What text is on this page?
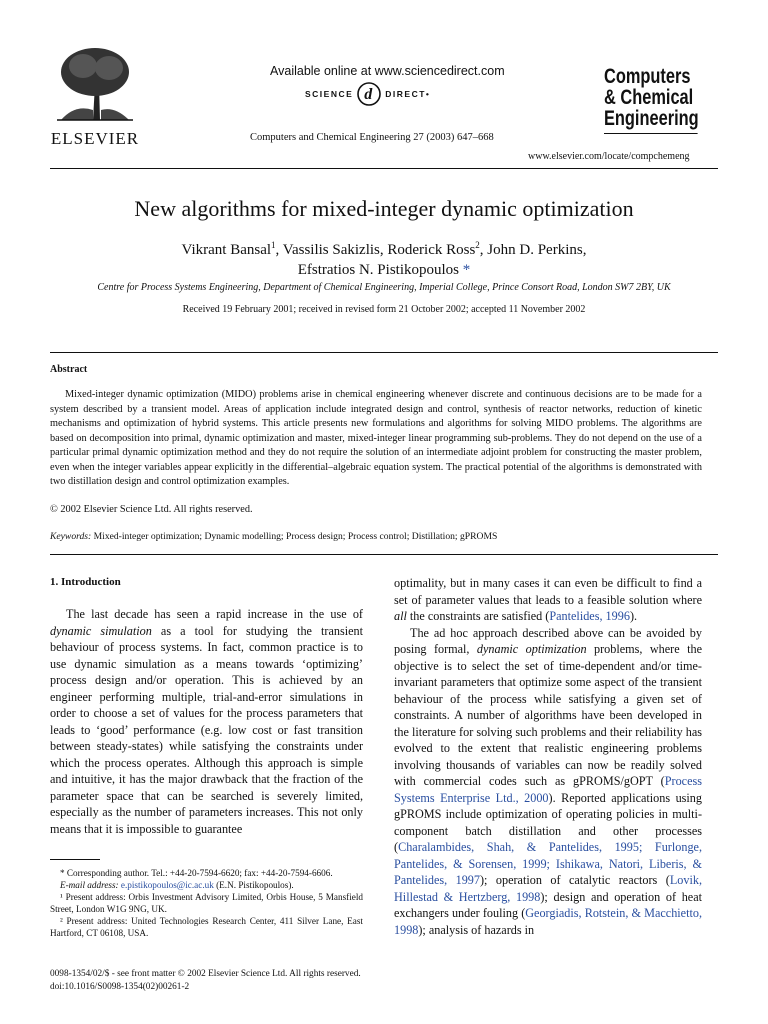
ELSEVIER
Available online at www.sciencedirect.com
SCIENCE d DIRECT•
Computers and Chemical Engineering 27 (2003) 647–668
Computers
& Chemical
Engineering
www.elsevier.com/locate/compchemeng
New algorithms for mixed-integer dynamic optimization
Vikrant Bansal$^1$, Vassilis Sakizlis, Roderick Ross$^2$, John D. Perkins,
Efstratios N. Pistikopoulos *
Centre for Process Systems Engineering, Department of Chemical Engineering, Imperial College, Prince Consort Road, London SW7 2BY, UK
Received 19 February 2001; received in revised form 21 October 2002; accepted 11 November 2002
Abstract
Mixed-integer dynamic optimization (MIDO) problems arise in chemical engineering whenever discrete and continuous decisions are to be made for a system described by a transient model. Areas of application include integrated design and control, synthesis of reactor networks, reduction of kinetic mechanisms and optimization of hybrid systems. This article presents new formulations and algorithms for solving MIDO problems. The algorithms are based on decomposition into primal, dynamic optimization and master, mixed-integer linear programming sub-problems. They do not depend on the use of a particular primal dynamic optimization method and they do not require the solution of an intermediate adjoint problem for constructing the master problem, even when the integer variables appear explicitly in the differential–algebraic equation system. The practical potential of the algorithms is demonstrated with two distillation design and control optimization examples.
© 2002 Elsevier Science Ltd. All rights reserved.
Keywords: Mixed-integer optimization; Dynamic modelling; Process design; Process control; Distillation; gPROMS
1. Introduction
The last decade has seen a rapid increase in the use of dynamic simulation as a tool for studying the transient behaviour of process systems. In fact, common practice is to use dynamic simulation as a means towards ‘optimizing’ process design and/or operation. This is achieved by an engineer performing multiple, trial-and-error simulations in order to choose a set of values for the process parameters that leads to ‘good’ performance (e.g. low cost or fast transition between steady-states) while satisfying the constraints under which the process operates. Although this approach is simple and intuitive, it has the major drawback that the fraction of the parameter space that can be searched is severely limited, especially as the number of parameters increases. This not only means that it is impossible to guarantee

* Corresponding author. Tel.: +44-20-7594-6620; fax: +44-20-7594-6606.

E-mail address: e.pistikopoulos@ic.ac.uk (E.N. Pistikopoulos).

¹ Present address: Orbis Investment Advisory Limited, Orbis House, 5 Mansfield Street, London W1G 9NG, UK.

² Present address: United Technologies Research Center, 411 Silver Lane, East Hartford, CT 06108, USA.

optimality, but in many cases it can even be difficult to find a set of parameter values that leads to a feasible solution where all the constraints are satisfied (Pantelides, 1996).

The ad hoc approach described above can be avoided by posing formal, dynamic optimization problems, where the objective is to select the set of time-dependent and/or time-invariant parameters that optimize some aspect of the transient behaviour of the process while satisfying a given set of constraints. A number of algorithms have been developed in the literature for solving such problems and their reliability has evolved to the extent that realistic engineering problems involving thousands of variables can now be readily solved with commercial codes such as gPROMS/gOPT (Process Systems Enterprise Ltd., 2000). Reported applications using gPROMS include optimization of operating policies in multi-component batch distillation and other processes (Charalambides, Shah, & Pantelides, 1995; Furlonge, Pantelides, & Sorensen, 1999; Ishikawa, Natori, Liberis, & Pantelides, 1997); operation of catalytic reactors (Lovik, Hillestad & Hertzberg, 1998); design and operation of heat exchangers under fouling (Georgiadis, Rotstein, & Macchietto, 1998); analysis of hazards in

0098-1354/02/$ - see front matter © 2002 Elsevier Science Ltd. All rights reserved.
doi:10.1016/S0098-1354(02)00261-2
